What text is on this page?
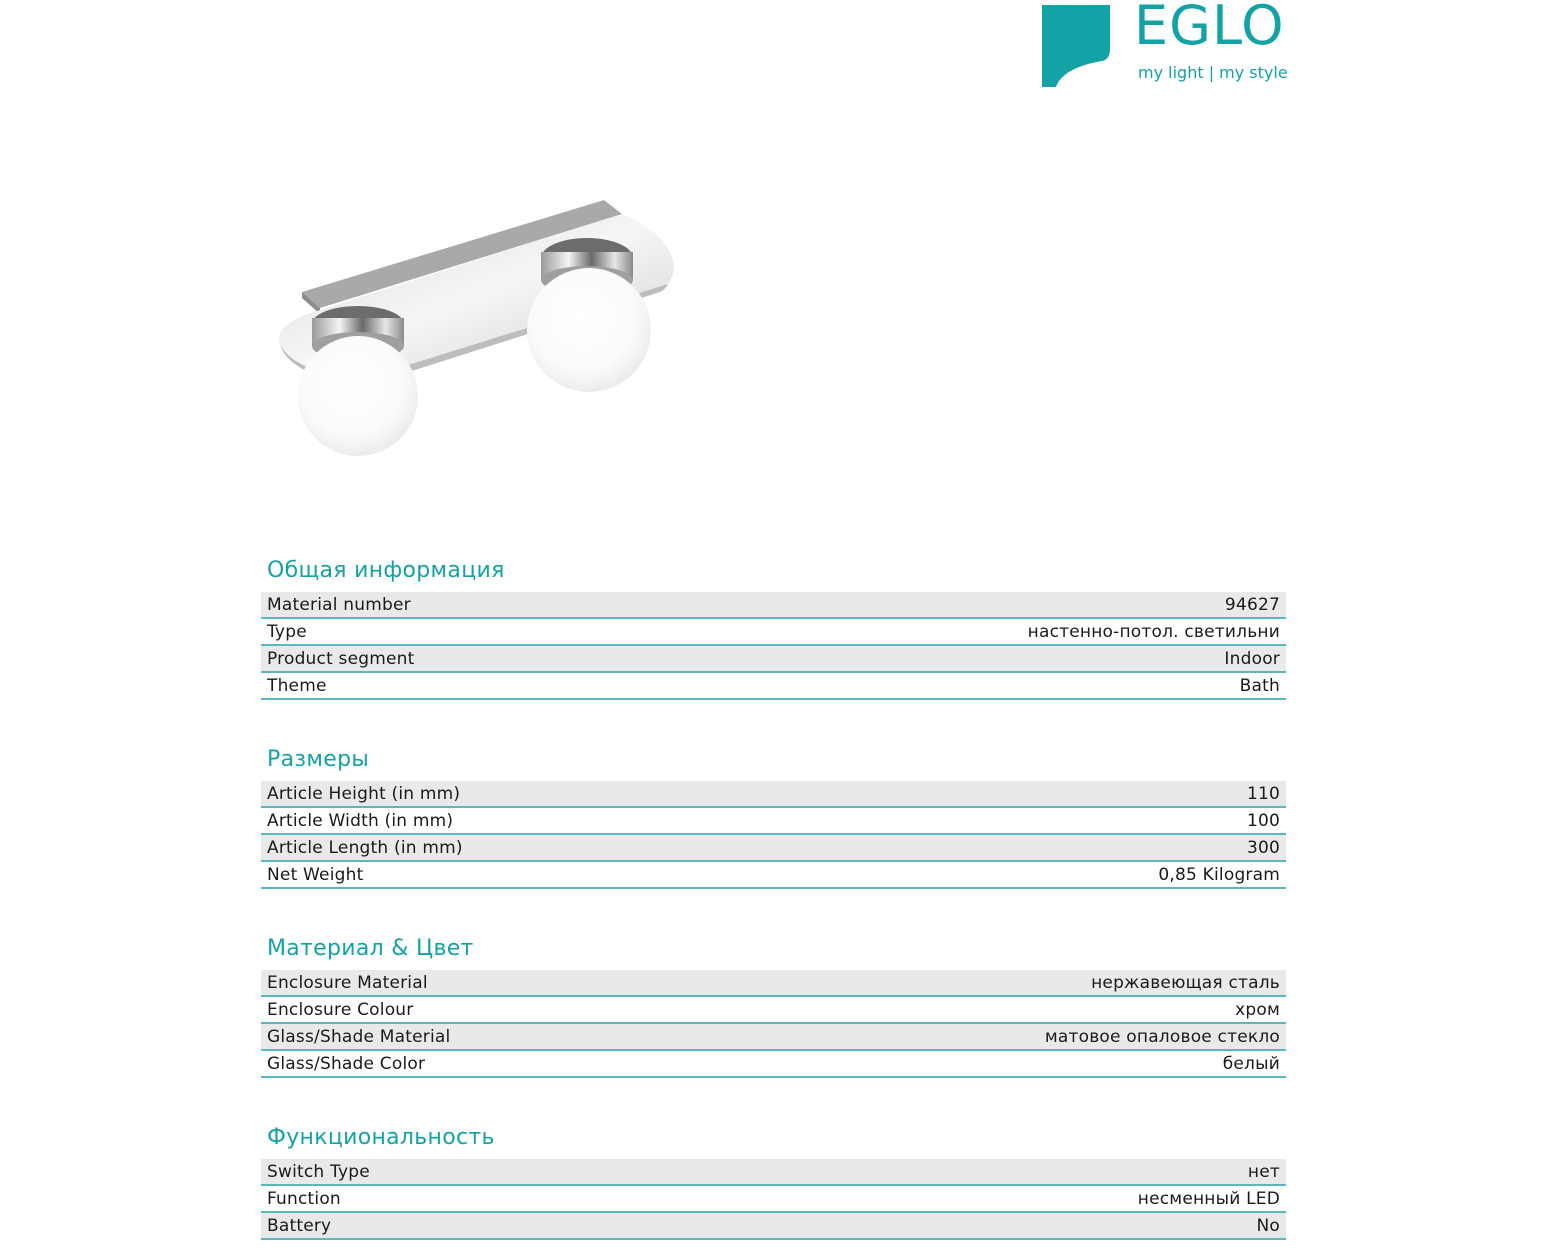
EGLO
my light | my style
Общая информация
Material number	94627
Type	настенно-потол. светильни
Product segment	Indoor
Theme	Bath
Размеры
Article Height (in mm)	110
Article Width (in mm)	100
Article Length (in mm)	300
Net Weight	0,85 Kilogram
Материал & Цвет
Enclosure Material	нержавеющая сталь
Enclosure Colour	хром
Glass/Shade Material	матовое опаловое стекло
Glass/Shade Color	белый
Функциональность
Switch Type	нет
Function	несменный LED
Battery	No
